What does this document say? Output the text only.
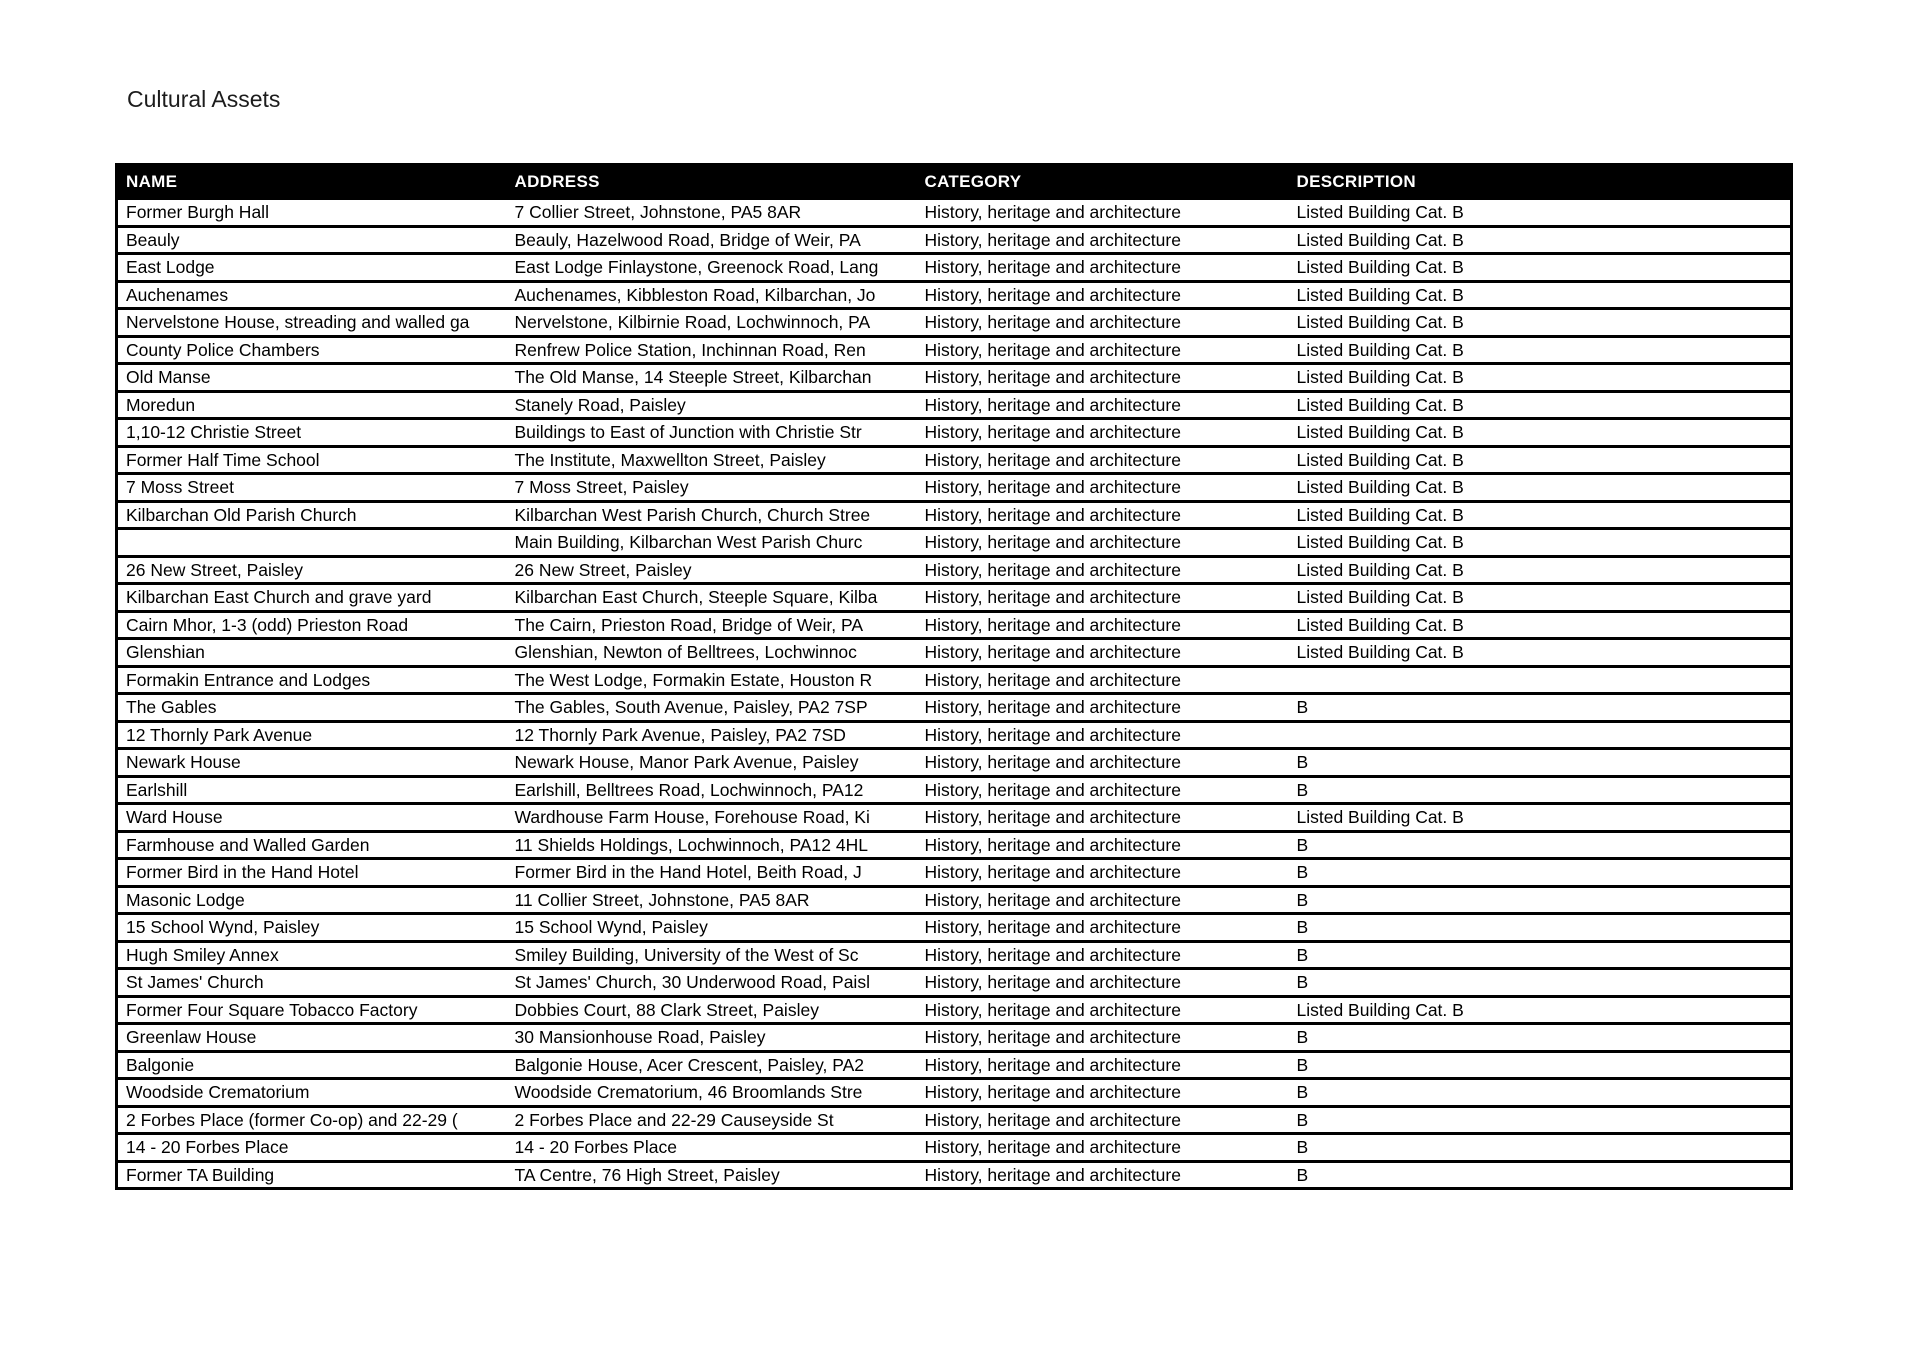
Cultural Assets
NAME	ADDRESS	CATEGORY	DESCRIPTION
Former Burgh Hall	7 Collier Street, Johnstone, PA5 8AR	History, heritage and architecture	Listed Building Cat. B
Beauly	Beauly, Hazelwood Road, Bridge of Weir, PA	History, heritage and architecture	Listed Building Cat. B
East Lodge	East Lodge Finlaystone, Greenock Road, Lang	History, heritage and architecture	Listed Building Cat. B
Auchenames	Auchenames, Kibbleston Road, Kilbarchan, Jo	History, heritage and architecture	Listed Building Cat. B
Nervelstone House, streading and walled ga	Nervelstone, Kilbirnie Road, Lochwinnoch, PA	History, heritage and architecture	Listed Building Cat. B
County Police Chambers	Renfrew Police Station, Inchinnan Road, Ren	History, heritage and architecture	Listed Building Cat. B
Old Manse	The Old Manse, 14 Steeple Street, Kilbarchan	History, heritage and architecture	Listed Building Cat. B
Moredun	Stanely Road, Paisley	History, heritage and architecture	Listed Building Cat. B
1,10-12 Christie Street	Buildings to East of Junction with Christie Str	History, heritage and architecture	Listed Building Cat. B
Former Half Time School	The Institute, Maxwellton Street, Paisley	History, heritage and architecture	Listed Building Cat. B
7 Moss Street	7 Moss Street, Paisley	History, heritage and architecture	Listed Building Cat. B
Kilbarchan Old Parish Church	Kilbarchan West Parish Church, Church Stree	History, heritage and architecture	Listed Building Cat. B
	Main Building, Kilbarchan West Parish Churc	History, heritage and architecture	Listed Building Cat. B
26 New Street, Paisley	26 New Street, Paisley	History, heritage and architecture	Listed Building Cat. B
Kilbarchan East Church and grave yard	Kilbarchan East Church, Steeple Square, Kilba	History, heritage and architecture	Listed Building Cat. B
Cairn Mhor, 1-3 (odd) Prieston Road	The Cairn, Prieston Road, Bridge of Weir, PA	History, heritage and architecture	Listed Building Cat. B
Glenshian	Glenshian, Newton of Belltrees, Lochwinnoc	History, heritage and architecture	Listed Building Cat. B
Formakin Entrance and Lodges	The West Lodge, Formakin Estate, Houston R	History, heritage and architecture	
The Gables	The Gables, South Avenue, Paisley, PA2 7SP	History, heritage and architecture	B
12 Thornly Park Avenue	12 Thornly Park Avenue, Paisley, PA2 7SD	History, heritage and architecture	
Newark House	Newark House, Manor Park Avenue, Paisley	History, heritage and architecture	B
Earlshill	Earlshill, Belltrees Road, Lochwinnoch, PA12	History, heritage and architecture	B
Ward House	Wardhouse Farm House, Forehouse Road, Ki	History, heritage and architecture	Listed Building Cat. B
Farmhouse and Walled Garden	11 Shields Holdings, Lochwinnoch, PA12 4HL	History, heritage and architecture	B
Former Bird in the Hand Hotel	Former Bird in the Hand Hotel, Beith Road, J	History, heritage and architecture	B
Masonic Lodge	11 Collier Street, Johnstone, PA5 8AR	History, heritage and architecture	B
15 School Wynd, Paisley	15 School Wynd, Paisley	History, heritage and architecture	B
Hugh Smiley Annex	Smiley Building, University of the West of Sc	History, heritage and architecture	B
St James' Church	St James' Church, 30 Underwood Road, Paisl	History, heritage and architecture	B
Former Four Square Tobacco Factory	Dobbies Court, 88 Clark Street, Paisley	History, heritage and architecture	Listed Building Cat. B
Greenlaw House	30 Mansionhouse Road, Paisley	History, heritage and architecture	B
Balgonie	Balgonie House, Acer Crescent, Paisley, PA2	History, heritage and architecture	B
Woodside Crematorium	Woodside Crematorium, 46 Broomlands Stre	History, heritage and architecture	B
2 Forbes Place (former Co-op) and 22-29 (	2 Forbes Place and 22-29 Causeyside St	History, heritage and architecture	B
14 - 20 Forbes Place	14 - 20 Forbes Place	History, heritage and architecture	B
Former TA Building	TA Centre, 76 High Street, Paisley	History, heritage and architecture	B
